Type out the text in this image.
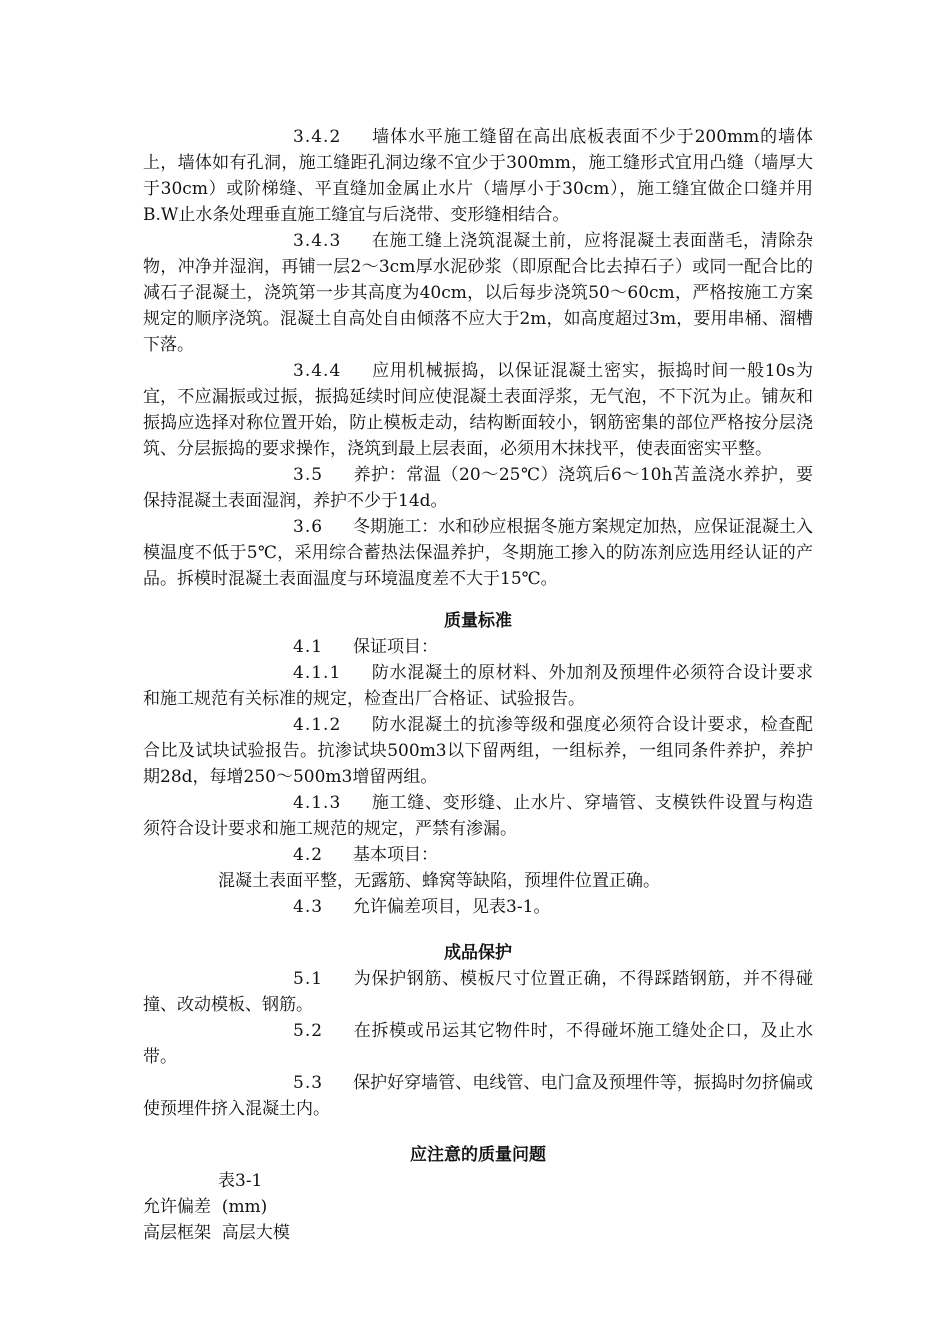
3.4.2 墙体水平施工缝留在高出底板表面不少于200mm的墙体上，墙体如有孔洞，施工缝距孔洞边缘不宜少于300mm，施工缝形式宜用凸缝（墙厚大于30cm）或阶梯缝、平直缝加金属止水片（墙厚小于30cm），施工缝宜做企口缝并用B.W止水条处理垂直施工缝宜与后浇带、变形缝相结合。

3.4.3 在施工缝上浇筑混凝土前，应将混凝土表面凿毛，清除杂物，冲净并湿润，再铺一层2～3cm厚水泥砂浆（即原配合比去掉石子）或同一配合比的减石子混凝土，浇筑第一步其高度为40cm，以后每步浇筑50～60cm，严格按施工方案规定的顺序浇筑。混凝土自高处自由倾落不应大于2m，如高度超过3m，要用串桶、溜槽下落。

3.4.4 应用机械振捣，以保证混凝土密实，振捣时间一般10s为宜，不应漏振或过振，振捣延续时间应使混凝土表面浮浆，无气泡，不下沉为止。铺灰和振捣应选择对称位置开始，防止模板走动，结构断面较小，钢筋密集的部位严格按分层浇筑、分层振捣的要求操作，浇筑到最上层表面，必须用木抹找平，使表面密实平整。

3.5 养护：常温（20～25℃）浇筑后6～10h苫盖浇水养护，要保持混凝土表面湿润，养护不少于14d。

3.6 冬期施工：水和砂应根据冬施方案规定加热，应保证混凝土入模温度不低于5℃，采用综合蓄热法保温养护，冬期施工掺入的防冻剂应选用经认证的产品。拆模时混凝土表面温度与环境温度差不大于15℃。

质量标准

4.1 保证项目：

4.1.1 防水混凝土的原材料、外加剂及预埋件必须符合设计要求和施工规范有关标准的规定，检查出厂合格证、试验报告。

4.1.2 防水混凝土的抗渗等级和强度必须符合设计要求，检查配合比及试块试验报告。抗渗试块500m3以下留两组，一组标养，一组同条件养护，养护期28d，每增250～500m3增留两组。

4.1.3 施工缝、变形缝、止水片、穿墙管、支模铁件设置与构造须符合设计要求和施工规范的规定，严禁有渗漏。

4.2 基本项目：

混凝土表面平整，无露筋、蜂窝等缺陷，预埋件位置正确。

4.3 允许偏差项目，见表3-1。

成品保护

5.1 为保护钢筋、模板尺寸位置正确，不得踩踏钢筋，并不得碰撞、改动模板、钢筋。

5.2 在拆模或吊运其它物件时，不得碰坏施工缝处企口，及止水带。

5.3 保护好穿墙管、电线管、电门盒及预埋件等，振捣时勿挤偏或使预埋件挤入混凝土内。

应注意的质量问题

表3-1

允许偏差  (mm)

高层框架  高层大模
